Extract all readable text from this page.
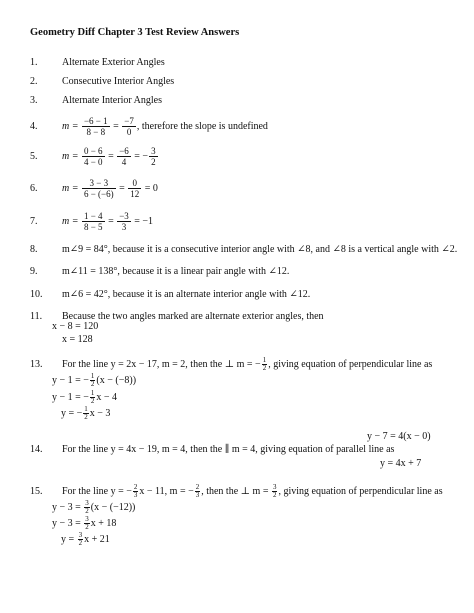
Geometry Diff Chapter 3 Test Review Answers
1. Alternate Exterior Angles
2. Consecutive Interior Angles
3. Alternate Interior Angles
4. $m = \frac{-6 - 1}{8 - 8} = \frac{-7}{0}$ , therefore the slope is undefined
5. $m = \frac{0 - 6}{4 - 0} = \frac{-6}{4}$ = − $\frac{3}{2}$
6. $m = \frac{3 - 3}{6 - (-6)} = \frac{0}{12} = 0$
7. $m = \frac{1 - 4}{8 - 5} = \frac{-3}{3} = -1$
8. m∠9 = 84°, because it is a consecutive interior angle with ∠8, and ∠8 is a vertical angle with ∠2.
9. m∠11 = 138°, because it is a linear pair angle with ∠12.
10. m∠6 = 42°, because it is an alternate interior angle with ∠12.
11. Because the two angles marked are alternate exterior angles, then
x − 8 = 120
x = 128
13. For the line y = 2x − 17, m = 2, then the ⊥ m = − $\frac{1}{2}$ , giving equation of perpendicular line as
y − 1 = − $\frac{1}{2} (x - (-8))$
y − 1 = − $\frac{1}{2}$ x − 4
y = − $\frac{1}{2}$ x − 3
y − 7 = 4(x − 0)
14. For the line y = 4x − 19, m = 4, then the ∥ m = 4, giving equation of parallel line as
y = 4x + 7
15. For the line y = − $\frac{2}{3}$ x − 11, m = − $\frac{2}{3}$ , then the ⊥ $m = \frac{3}{2}$ , giving equation of perpendicular line as
$y - 3 = \frac{3}{2} (x - (-12))$
$y - 3 = \frac{3}{2}$ x + 18
$y = \frac{3}{2}$ x + 21
